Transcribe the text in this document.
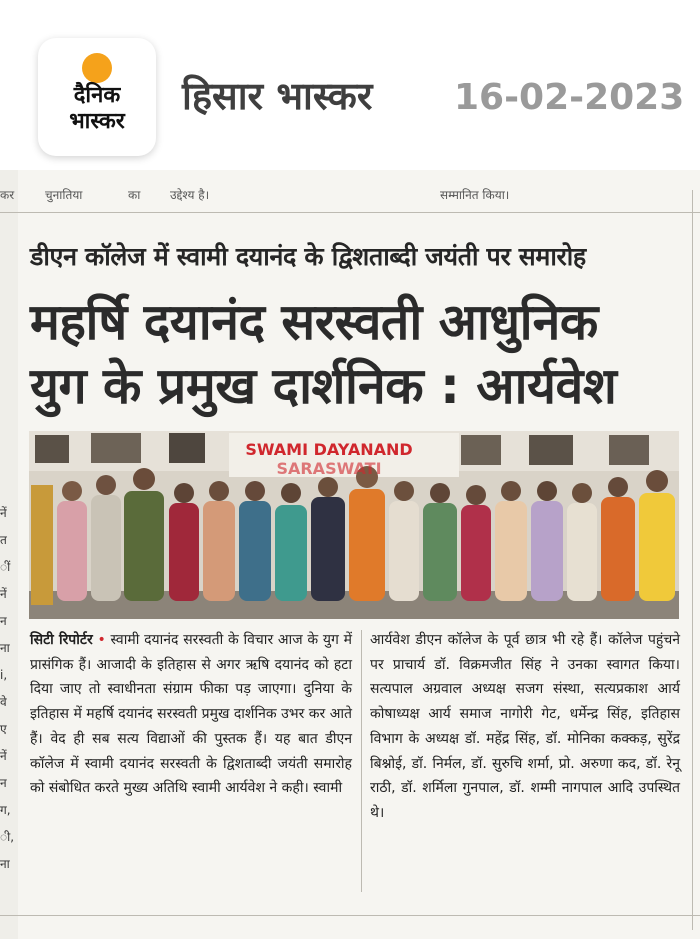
दैनिक
भास्कर
हिसार भास्कर 16-02-2023
कर	चुनातिया	का उद्देश्य है।	सम्मानित किया।
डीएन कॉलेज में स्वामी दयानंद के द्विशताब्दी जयंती पर समारोह
महर्षि दयानंद सरस्वती आधुनिक
युग के प्रमुख दार्शनिक : आर्यवेश
नें
त
ीं
नें
न
ना
i,
वे
ए
नें
न
ग,
ी,
ना
SWAMI DAYANAND
SARASWATI

सिटी रिपोर्टर • स्वामी दयानंद सरस्वती के विचार आज के युग में प्रासंगिक हैं। आजादी के इतिहास से अगर ऋषि दयानंद को हटा दिया जाए तो स्वाधीनता संग्राम फीका पड़ जाएगा। दुनिया के इतिहास में महर्षि दयानंद सरस्वती प्रमुख दार्शनिक उभर कर आते हैं। वेद ही सब सत्य विद्याओं की पुस्तक हैं। यह बात डीएन कॉलेज में स्वामी दयानंद सरस्वती के द्विशताब्दी जयंती समारोह को संबोधित करते मुख्य अतिथि स्वामी आर्यवेश ने कही। स्वामी

आर्यवेश डीएन कॉलेज के पूर्व छात्र भी रहे हैं। कॉलेज पहुंचने पर प्राचार्य डॉ. विक्रमजीत सिंह ने उनका स्वागत किया। सत्यपाल अग्रवाल अध्यक्ष सजग संस्था, सत्यप्रकाश आर्य कोषाध्यक्ष आर्य समाज नागोरी गेट, धर्मेन्द्र सिंह, इतिहास विभाग के अध्यक्ष डॉ. महेंद्र सिंह, डॉ. मोनिका कक्कड़, सुरेंद्र बिश्नोई, डॉ. निर्मल, डॉ. सुरुचि शर्मा, प्रो. अरुणा कद, डॉ. रेनू राठी, डॉ. शर्मिला गुनपाल, डॉ. शम्मी नागपाल आदि उपस्थित थे।
